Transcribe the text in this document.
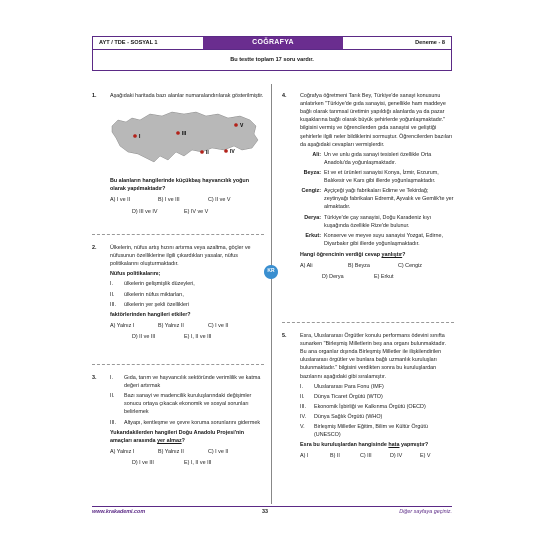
AYT / TDE - SOSYAL 1	COĞRAFYA	Deneme - 8
Bu testte toplam 17 soru vardır.
KR
1.	Aşağıdaki haritada bazı alanlar numaralandırılarak gösterilmiştir.

V
III
I
II	IV

Bu alanların hangilerinde küçükbaş hayvancılık yoğun olarak yapılmaktadır?

A) I ve II	B) I ve III	C) II ve V
D) III ve IV	E) IV ve V
2.	Ülkelerin, nüfus artış hızını artırma veya azaltma, göçler ve nüfusunun özelliklerine ilgili çıkardıkları yasalar, nüfus politikalarını oluşturmaktadır.

Nüfus politikalarını;

I.	ülkelerin gelişmişlik düzeyleri,
II.	ülkelerin nüfus miktarları,
III.	ülkelerin yer şekli özellikleri

faktörlerinden hangileri etkiler?

A) Yalnız I	B) Yalnız II	C) I ve II
D) II ve III	E) I, II ve III
3.	I.	Gıda, tarım ve hayvancılık sektöründe verimlilik ve katma değeri artırmak
II.	Bazı sanayi ve madencilik kuruluşlarındaki değişimler sonucu ortaya çıkacak ekonomik ve sosyal sorunları belirlemek
III.	Altyapı, kentleşme ve çevre koruma sorunlarını gidermek

Yukarıdakilerden hangileri Doğu Anadolu Projesi'nin amaçları arasında yer almaz?

A) Yalnız I	B) Yalnız II	C) I ve II
D) I ve III	E) I, II ve III
4.	Coğrafya öğretmeni Tarık Bey, Türkiye'de sanayi konusunu anlatırken "Türkiye'de gıda sanayisi, genellikle ham maddeye bağlı olarak tarımsal üretimin yapıldığı alanlarda ya da pazar kuşaklarına bağlı olarak büyük şehirlerde yoğunlaşmaktadır." bilgisini vermiş ve öğrencilerden gıda sanayisi ve geliştiği şehirlerle ilgili neler bildiklerini sormuştur. Öğrencilerden bazıları da aşağıdaki cevapları vermişlerdir.

Ali: Un ve unlu gıda sanayi tesisleri özellikle Orta Anadolu'da yoğunlaşmaktadır.
Beyza: Et ve et ürünleri sanayisi Konya, İzmir, Erzurum, Balıkesir ve Kars gibi illerde yoğunlaşmaktadır.
Cengiz: Ayçiçeği yağı fabrikaları Edirne ve Tekirdağ; zeytinyağı fabrikaları Edremit, Ayvalık ve Gemlik'te yer almaktadır.
Derya: Türkiye'de çay sanayisi, Doğu Karadeniz kıyı kuşağında özellikle Rize'de bulunur.
Erkut: Konserve ve meyve suyu sanayisi Yozgat, Edirne, Diyarbakır gibi illerde yoğunlaşmaktadır.

Hangi öğrencinin verdiği cevap yanlıştır?

A) Ali	B) Beyza	C) Cengiz
D) Derya	E) Erkut
5.	Esra, Uluslararası Örgütler konulu performans ödevini sınıfta sunarken "Birleşmiş Milletlerin beş ana organı bulunmaktadır. Bu ana organlar dışında Birleşmiş Milletler ile ilişkilendirilen uluslararası örgütler ve bunlara bağlı uzmanlık kuruluşları bulunmaktadır." bilgisini verdikten sonra bu kuruluşlardan bazılarını aşağıdaki gibi sıralamıştır.

I.	Uluslararası Para Fonu (IMF)
II.	Dünya Ticaret Örgütü (WTO)
III.	Ekonomik İşbirliği ve Kalkınma Örgütü (OECD)
IV.	Dünya Sağlık Örgütü (WHO)
V.	Birleşmiş Milletler Eğitim, Bilim ve Kültür Örgütü (UNESCO)

Esra bu kuruluşlardan hangisinde hata yapmıştır?

A) I	B) II	C) III	D) IV	E) V
www.krakademi.com	33	Diğer sayfaya geçiniz.
